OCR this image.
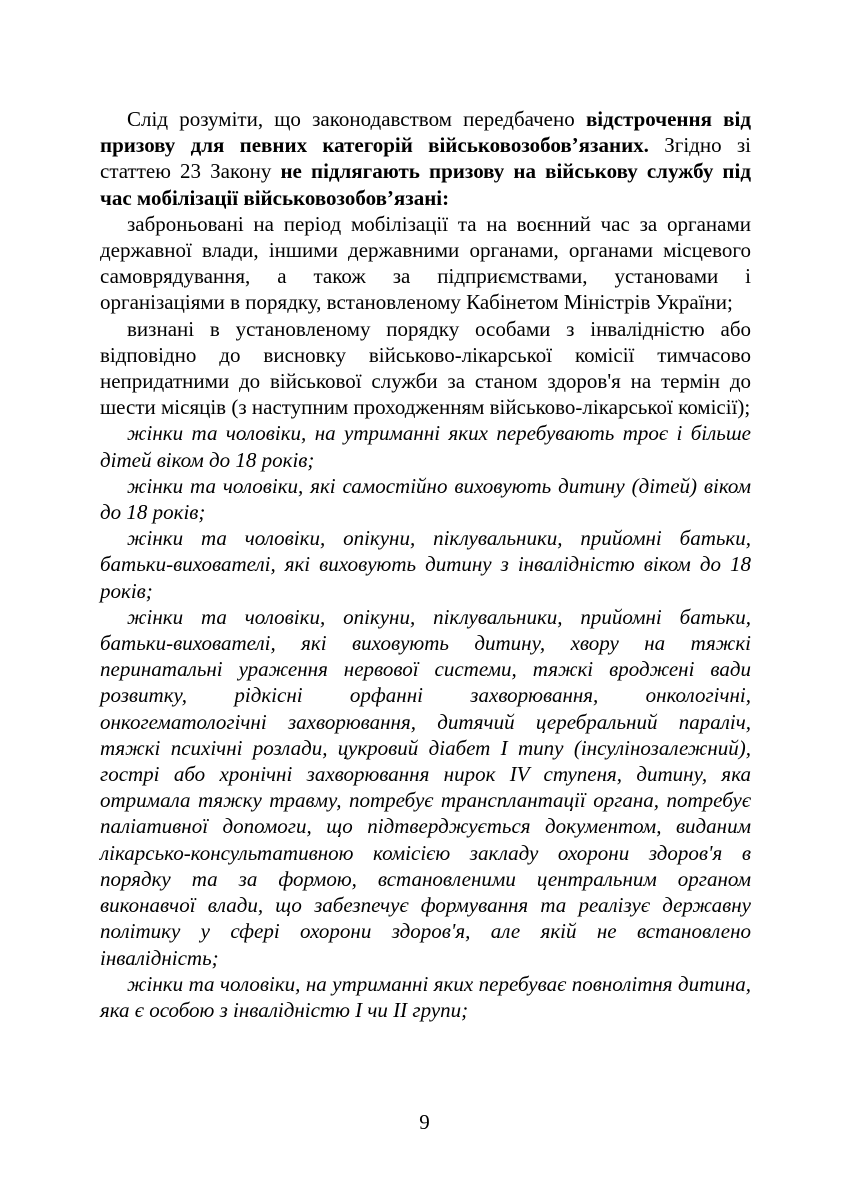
Слід розуміти, що законодавством передбачено відстрочення від призову для певних категорій військовозобов’язаних. Згідно зі статтею 23 Закону не підлягають призову на військову службу під час мобілізації військовозобов’язані:

заброньовані на період мобілізації та на воєнний час за органами державної влади, іншими державними органами, органами місцевого самоврядування, а також за підприємствами, установами і організаціями в порядку, встановленому Кабінетом Міністрів України;

визнані в установленому порядку особами з інвалідністю або відповідно до висновку військово-лікарської комісії тимчасово непридатними до військової служби за станом здоров'я на термін до шести місяців (з наступним проходженням військово-лікарської комісії);

жінки та чоловіки, на утриманні яких перебувають троє і більше дітей віком до 18 років;

жінки та чоловіки, які самостійно виховують дитину (дітей) віком до 18 років;

жінки та чоловіки, опікуни, піклувальники, прийомні батьки, батьки-вихователі, які виховують дитину з інвалідністю віком до 18 років;

жінки та чоловіки, опікуни, піклувальники, прийомні батьки, батьки-вихователі, які виховують дитину, хвору на тяжкі перинатальні ураження нервової системи, тяжкі вроджені вади розвитку, рідкісні орфанні захворювання, онкологічні, онкогематологічні захворювання, дитячий церебральний параліч, тяжкі психічні розлади, цукровий діабет I типу (інсулінозалежний), гострі або хронічні захворювання нирок IV ступеня, дитину, яка отримала тяжку травму, потребує трансплантації органа, потребує паліативної допомоги, що підтверджується документом, виданим лікарсько-консультативною комісією закладу охорони здоров'я в порядку та за формою, встановленими центральним органом виконавчої влади, що забезпечує формування та реалізує державну політику у сфері охорони здоров'я, але якій не встановлено інвалідність;

жінки та чоловіки, на утриманні яких перебуває повнолітня дитина, яка є особою з інвалідністю I чи II групи;

9
